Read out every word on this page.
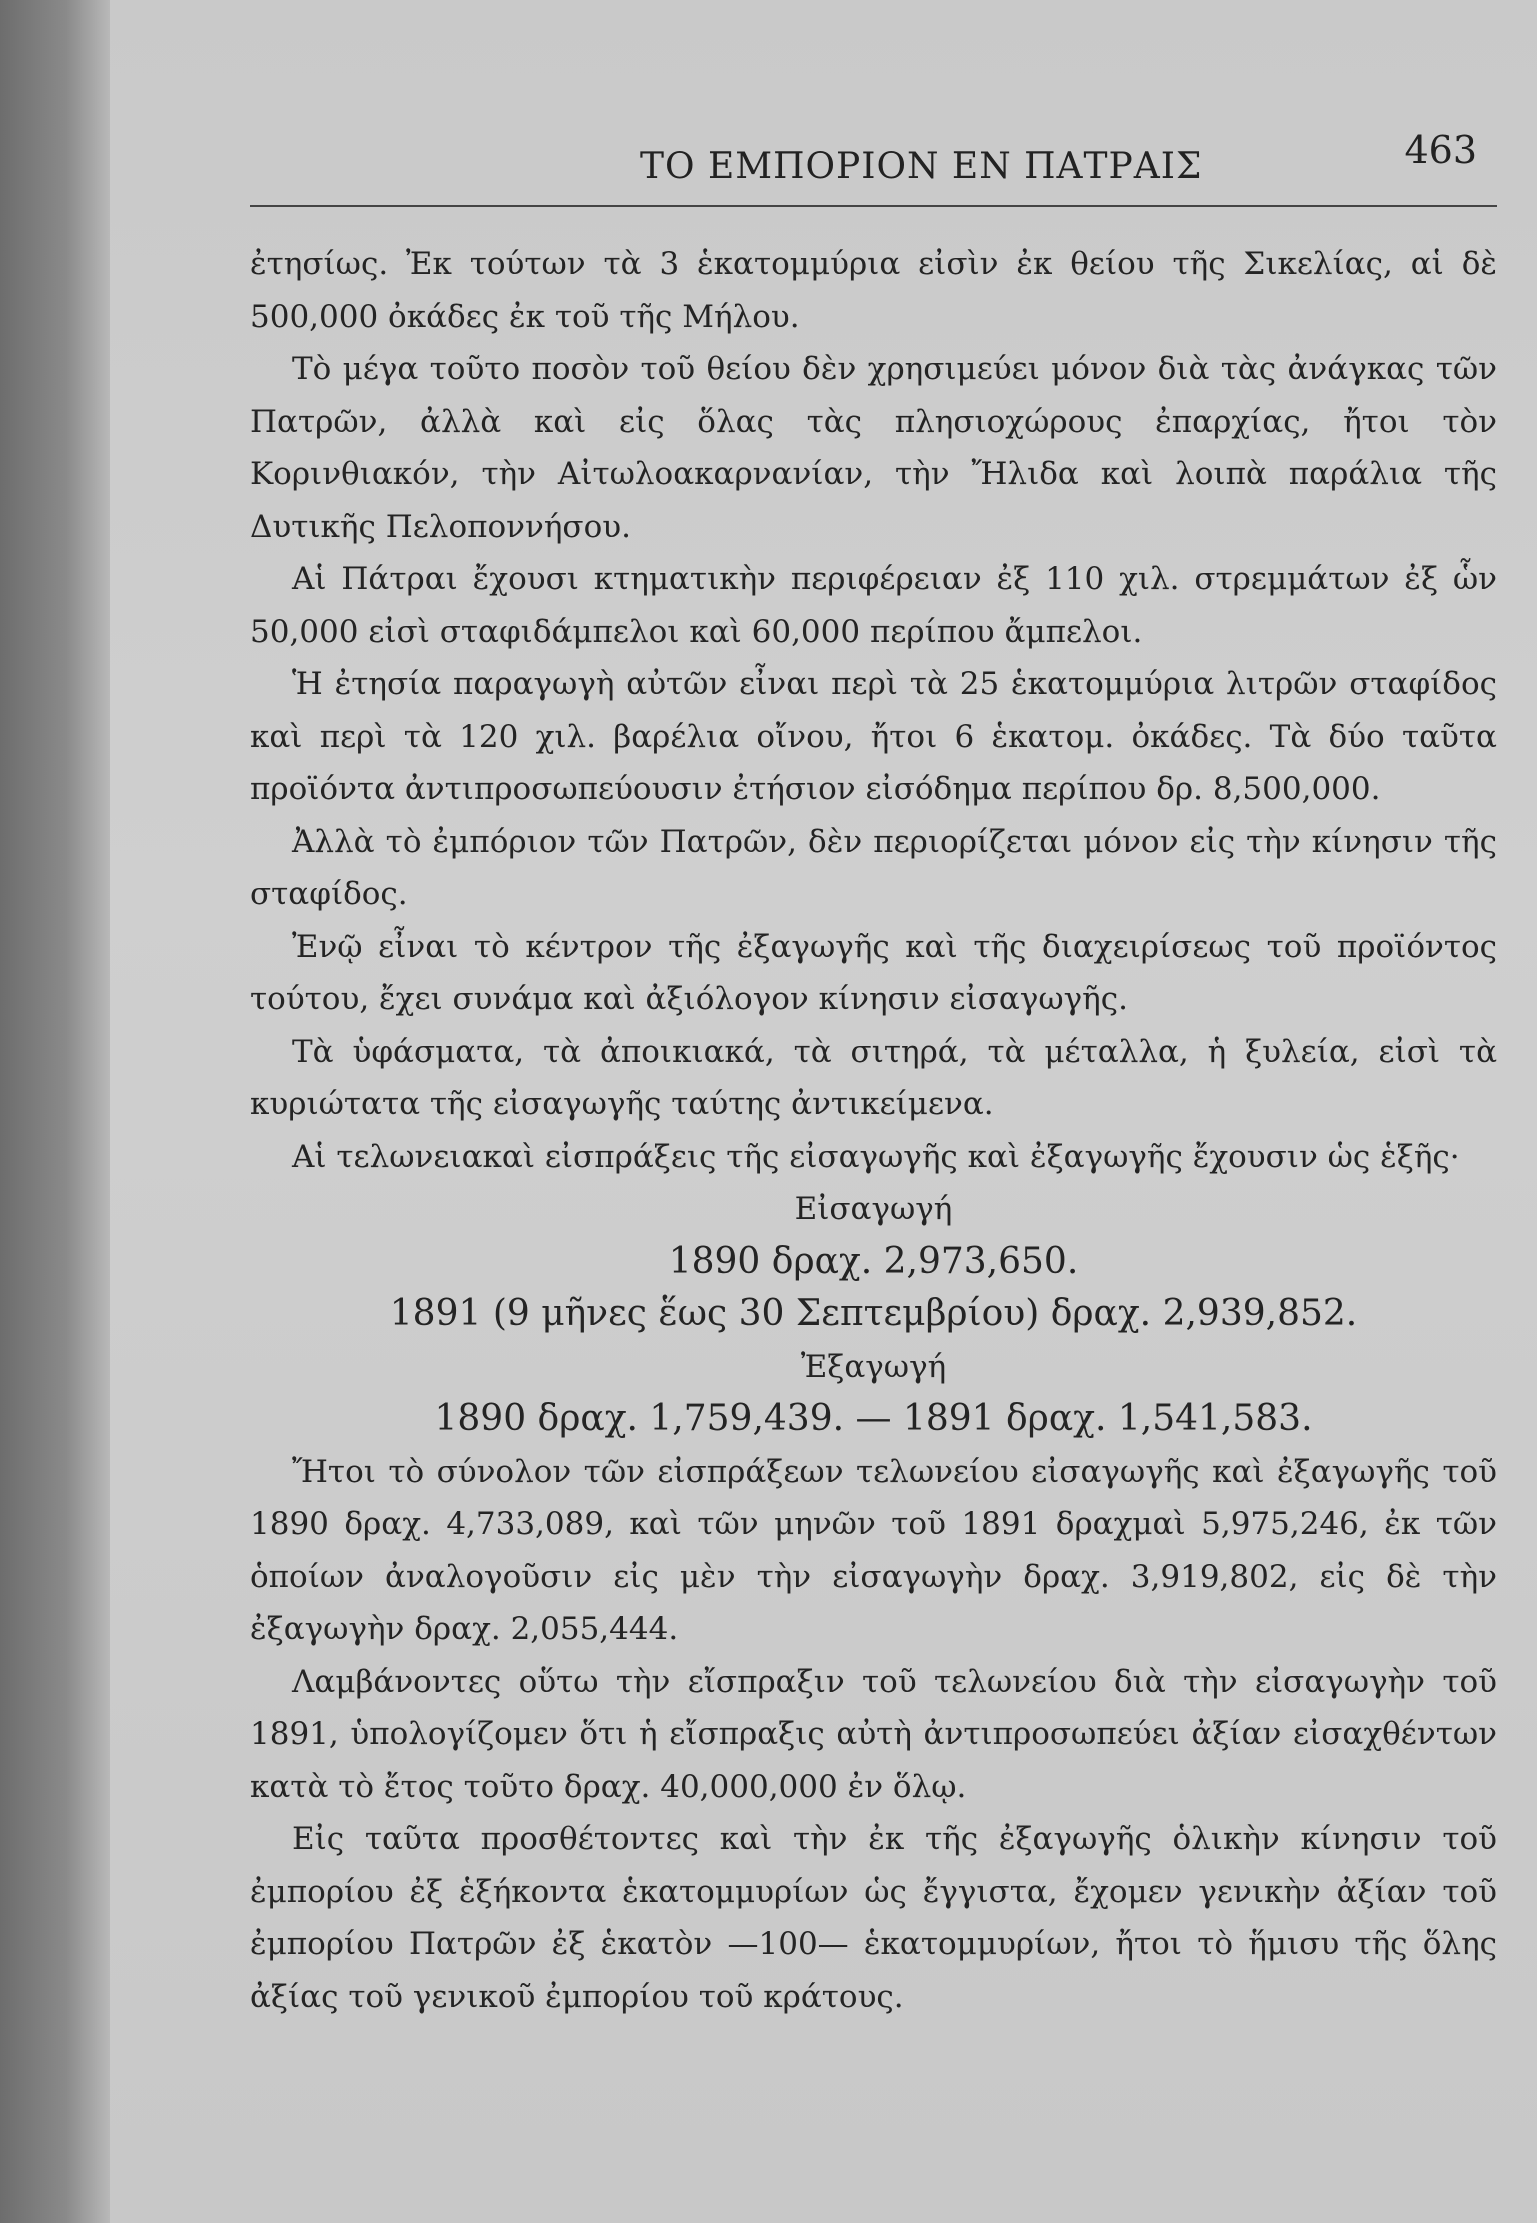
ΤΟ ΕΜΠΟΡΙΟΝ ΕΝ ΠΑΤΡΑΙΣ	463

ἐτησίως. Ἐκ τούτων τὰ 3 ἑκατομμύρια εἰσὶν ἐκ θείου τῆς Σικελίας, αἱ δὲ 500,000 ὀκάδες ἐκ τοῦ τῆς Μήλου.

Τὸ μέγα τοῦτο ποσὸν τοῦ θείου δὲν χρησιμεύει μόνον διὰ τὰς ἀνάγκας τῶν Πατρῶν, ἀλλὰ καὶ εἰς ὅλας τὰς πλησιοχώρους ἐπαρχίας, ἤτοι τὸν Κορινθιακόν, τὴν Αἰτωλοακαρνανίαν, τὴν Ἤλιδα καὶ λοιπὰ παράλια τῆς Δυτικῆς Πελοποννήσου.

Αἱ Πάτραι ἔχουσι κτηματικὴν περιφέρειαν ἐξ 110 χιλ. στρεμμάτων ἐξ ὧν 50,000 εἰσὶ σταφιδάμπελοι καὶ 60,000 περίπου ἄμπελοι.

Ἡ ἐτησία παραγωγὴ αὐτῶν εἶναι περὶ τὰ 25 ἑκατομμύρια λιτρῶν σταφίδος καὶ περὶ τὰ 120 χιλ. βαρέλια οἴνου, ἤτοι 6 ἑκατομ. ὀκάδες. Τὰ δύο ταῦτα προϊόντα ἀντιπροσωπεύουσιν ἐτήσιον εἰσόδημα περίπου δρ. 8,500,000.

Ἀλλὰ τὸ ἐμπόριον τῶν Πατρῶν, δὲν περιορίζεται μόνον εἰς τὴν κίνησιν τῆς σταφίδος.

Ἐνῷ εἶναι τὸ κέντρον τῆς ἐξαγωγῆς καὶ τῆς διαχειρίσεως τοῦ προϊόντος τούτου, ἔχει συνάμα καὶ ἀξιόλογον κίνησιν εἰσαγωγῆς.

Τὰ ὑφάσματα, τὰ ἀποικιακά, τὰ σιτηρά, τὰ μέταλλα, ἡ ξυλεία, εἰσὶ τὰ κυριώτατα τῆς εἰσαγωγῆς ταύτης ἀντικείμενα.

Αἱ τελωνειακαὶ εἰσπράξεις τῆς εἰσαγωγῆς καὶ ἐξαγωγῆς ἔχουσιν ὡς ἑξῆς·

Εἰσαγωγή

1890 δραχ. 2,973,650.

1891 (9 μῆνες ἕως 30 Σεπτεμβρίου) δραχ. 2,939,852.

Ἐξαγωγή

1890 δραχ. 1,759,439. — 1891 δραχ. 1,541,583.

Ἤτοι τὸ σύνολον τῶν εἰσπράξεων τελωνείου εἰσαγωγῆς καὶ ἐξαγωγῆς τοῦ 1890 δραχ. 4,733,089, καὶ τῶν μηνῶν τοῦ 1891 δραχμαὶ 5,975,246, ἐκ τῶν ὁποίων ἀναλογοῦσιν εἰς μὲν τὴν εἰσαγωγὴν δραχ. 3,919,802, εἰς δὲ τὴν ἐξαγωγὴν δραχ. 2,055,444.

Λαμβάνοντες οὕτω τὴν εἴσπραξιν τοῦ τελωνείου διὰ τὴν εἰσαγωγὴν τοῦ 1891, ὑπολογίζομεν ὅτι ἡ εἴσπραξις αὐτὴ ἀντιπροσωπεύει ἀξίαν εἰσαχθέντων κατὰ τὸ ἔτος τοῦτο δραχ. 40,000,000 ἐν ὅλῳ.

Εἰς ταῦτα προσθέτοντες καὶ τὴν ἐκ τῆς ἐξαγωγῆς ὁλικὴν κίνησιν τοῦ ἐμπορίου ἐξ ἑξήκοντα ἑκατομμυρίων ὡς ἔγγιστα, ἔχομεν γενικὴν ἀξίαν τοῦ ἐμπορίου Πατρῶν ἐξ ἑκατὸν —100— ἑκατομμυρίων, ἤτοι τὸ ἥμισυ τῆς ὅλης ἀξίας τοῦ γενικοῦ ἐμπορίου τοῦ κράτους.
